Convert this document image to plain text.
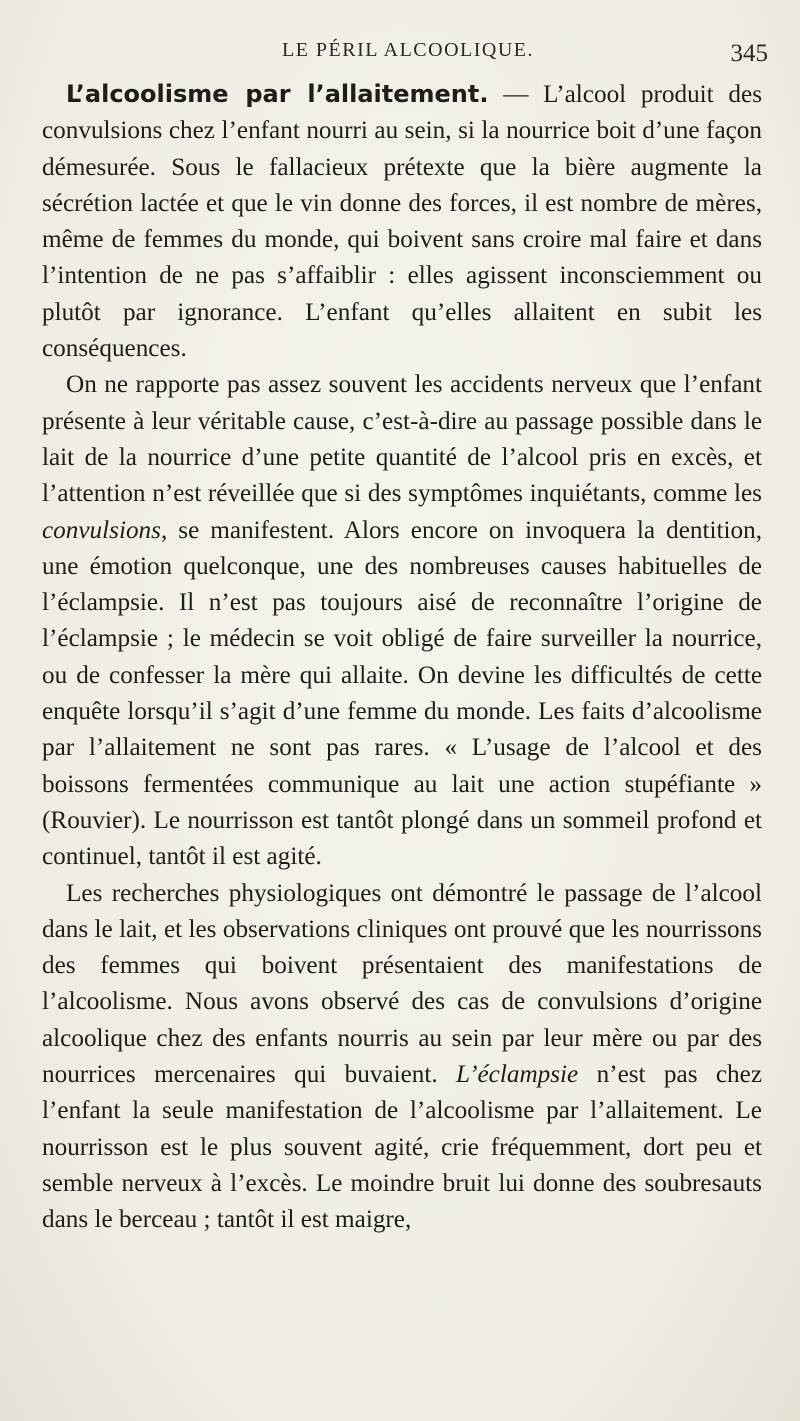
LE PÉRIL ALCOOLIQUE.	345

L’alcoolisme par l’allaitement. — L’alcool produit des convulsions chez l’enfant nourri au sein, si la nourrice boit d’une façon démesurée. Sous le fallacieux prétexte que la bière augmente la sécrétion lactée et que le vin donne des forces, il est nombre de mères, même de femmes du monde, qui boivent sans croire mal faire et dans l’intention de ne pas s’affaiblir : elles agissent inconsciemment ou plutôt par ignorance. L’enfant qu’elles allaitent en subit les conséquences.

On ne rapporte pas assez souvent les accidents nerveux que l’enfant présente à leur véritable cause, c’est-à-dire au passage possible dans le lait de la nourrice d’une petite quantité de l’alcool pris en excès, et l’attention n’est réveillée que si des symptômes inquiétants, comme les convulsions, se manifestent. Alors encore on invoquera la dentition, une émotion quelconque, une des nombreuses causes habituelles de l’éclampsie. Il n’est pas toujours aisé de reconnaître l’origine de l’éclampsie ; le médecin se voit obligé de faire surveiller la nourrice, ou de confesser la mère qui allaite. On devine les difficultés de cette enquête lorsqu’il s’agit d’une femme du monde. Les faits d’alcoolisme par l’allaitement ne sont pas rares. « L’usage de l’alcool et des boissons fermentées communique au lait une action stupéfiante » (Rouvier). Le nourrisson est tantôt plongé dans un sommeil profond et continuel, tantôt il est agité.

Les recherches physiologiques ont démontré le passage de l’alcool dans le lait, et les observations cliniques ont prouvé que les nourrissons des femmes qui boivent présentaient des manifestations de l’alcoolisme. Nous avons observé des cas de convulsions d’origine alcoolique chez des enfants nourris au sein par leur mère ou par des nourrices mercenaires qui buvaient. L’éclampsie n’est pas chez l’enfant la seule manifestation de l’alcoolisme par l’allaitement. Le nourrisson est le plus souvent agité, crie fréquemment, dort peu et semble nerveux à l’excès. Le moindre bruit lui donne des soubresauts dans le berceau ; tantôt il est maigre,
